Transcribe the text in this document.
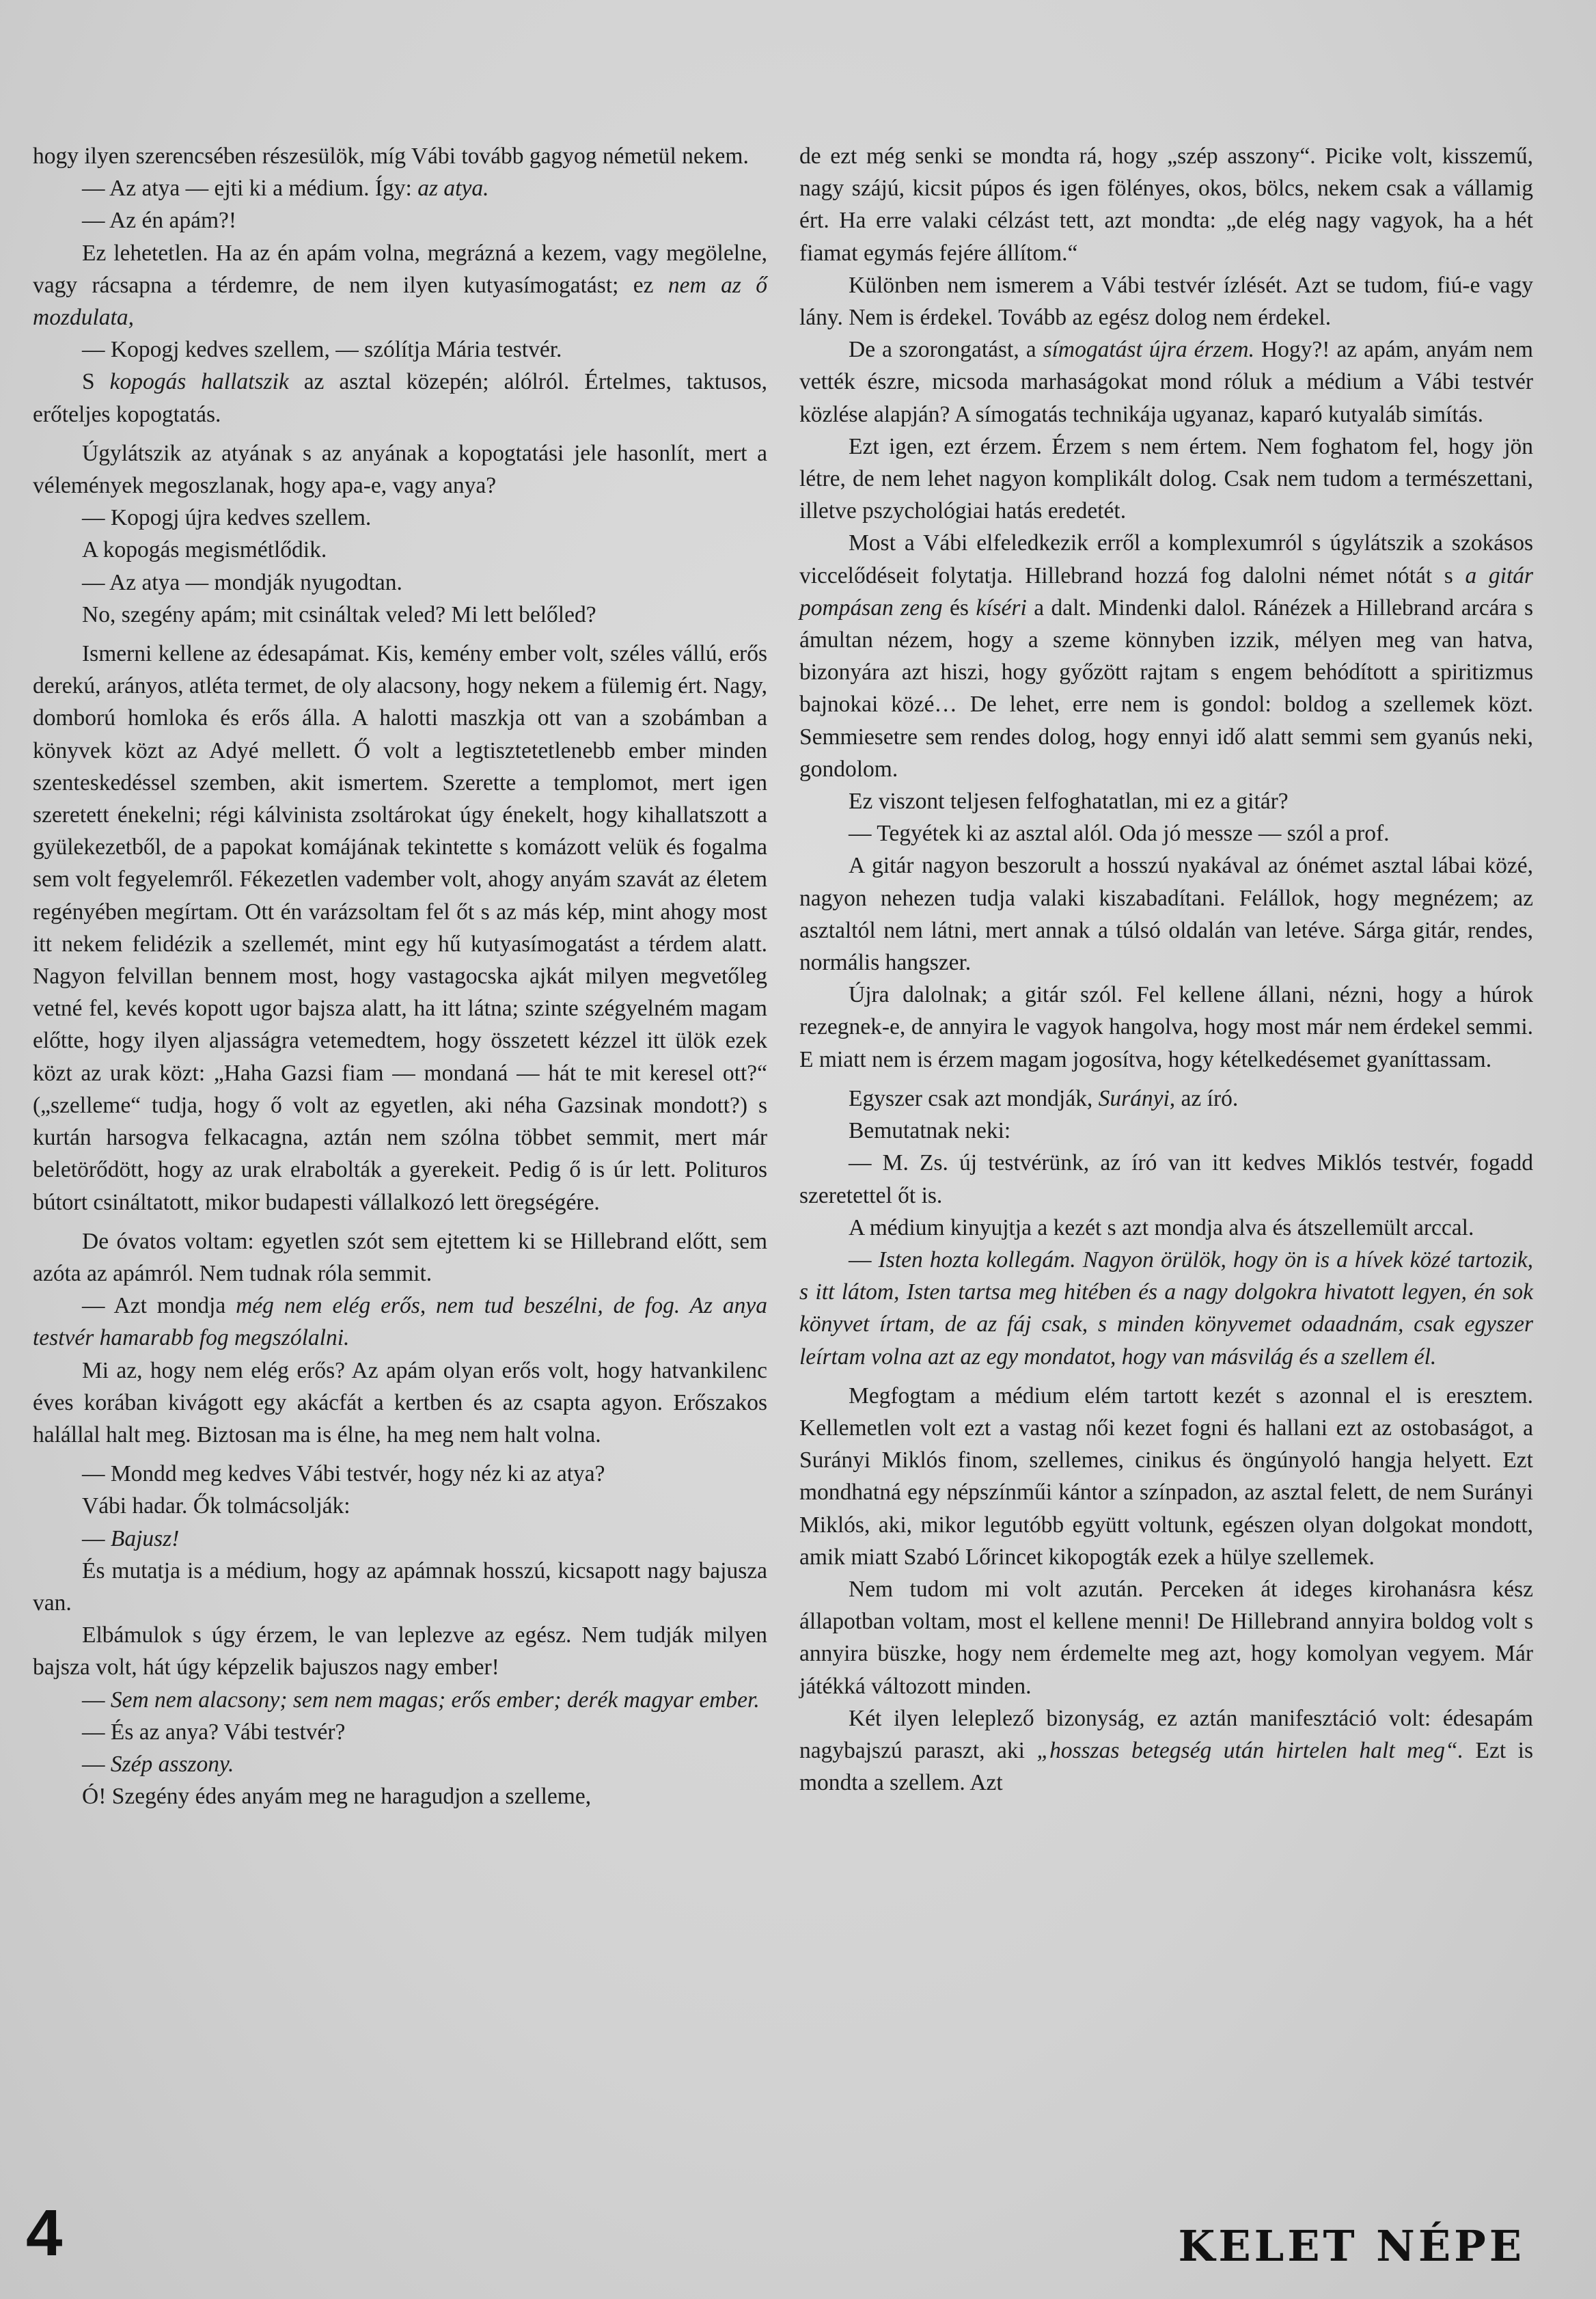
hogy ilyen szerencsében részesülök, míg Vábi tovább gagyog németül nekem.

— Az atya — ejti ki a médium. Így: az atya.

— Az én apám?!

Ez lehetetlen. Ha az én apám volna, megrázná a kezem, vagy megölelne, vagy rácsapna a térdemre, de nem ilyen kutyasímogatást; ez nem az ő mozdulata,

— Kopogj kedves szellem, — szólítja Mária testvér.

S kopogás hallatszik az asztal közepén; alólról. Értelmes, taktusos, erőteljes kopogtatás.

Úgylátszik az atyának s az anyának a kopogtatási jele hasonlít, mert a vélemények megoszlanak, hogy apa-e, vagy anya?

— Kopogj újra kedves szellem.

A kopogás megismétlődik.

— Az atya — mondják nyugodtan.

No, szegény apám; mit csináltak veled? Mi lett belőled?

Ismerni kellene az édesapámat. Kis, kemény ember volt, széles vállú, erős derekú, arányos, atléta termet, de oly alacsony, hogy nekem a fülemig ért. Nagy, domború homloka és erős álla. A halotti maszkja ott van a szobámban a könyvek közt az Adyé mellett. Ő volt a legtisztetetlenebb ember minden szenteskedéssel szemben, akit ismertem. Szerette a templomot, mert igen szeretett énekelni; régi kálvinista zsoltárokat úgy énekelt, hogy kihallatszott a gyülekezetből, de a papokat komájának tekintette s komázott velük és fogalma sem volt fegyelemről. Fékezetlen vadember volt, ahogy anyám szavát az életem regényében megírtam. Ott én varázsoltam fel őt s az más kép, mint ahogy most itt nekem felidézik a szellemét, mint egy hű kutyasímogatást a térdem alatt. Nagyon felvillan bennem most, hogy vastagocska ajkát milyen megvetőleg vetné fel, kevés kopott ugor bajsza alatt, ha itt látna; szinte szégyelném magam előtte, hogy ilyen aljasságra vetemedtem, hogy összetett kézzel itt ülök ezek közt az urak közt: „Haha Gazsi fiam — mondaná — hát te mit keresel ott?“ („szelleme“ tudja, hogy ő volt az egyetlen, aki néha Gazsinak mondott?) s kurtán harsogva felkacagna, aztán nem szólna többet semmit, mert már beletörődött, hogy az urak elrabolták a gyerekeit. Pedig ő is úr lett. Polituros bútort csináltatott, mikor budapesti vállalkozó lett öregségére.

De óvatos voltam: egyetlen szót sem ejtettem ki se Hillebrand előtt, sem azóta az apámról. Nem tudnak róla semmit.

— Azt mondja még nem elég erős, nem tud beszélni, de fog. Az anya testvér hamarabb fog megszólalni.

Mi az, hogy nem elég erős? Az apám olyan erős volt, hogy hatvankilenc éves korában kivágott egy akácfát a kertben és az csapta agyon. Erőszakos halállal halt meg. Biztosan ma is élne, ha meg nem halt volna.

— Mondd meg kedves Vábi testvér, hogy néz ki az atya?

Vábi hadar. Ők tolmácsolják:

— Bajusz!

És mutatja is a médium, hogy az apámnak hosszú, kicsapott nagy bajusza van.

Elbámulok s úgy érzem, le van leplezve az egész. Nem tudják milyen bajsza volt, hát úgy képzelik bajuszos nagy ember!

— Sem nem alacsony; sem nem magas; erős ember; derék magyar ember.

— És az anya? Vábi testvér?

— Szép asszony.

Ó! Szegény édes anyám meg ne haragudjon a szelleme,

de ezt még senki se mondta rá, hogy „szép asszony“. Picike volt, kisszemű, nagy szájú, kicsit púpos és igen fölényes, okos, bölcs, nekem csak a vállamig ért. Ha erre valaki célzást tett, azt mondta: „de elég nagy vagyok, ha a hét fiamat egymás fejére állítom.“

Különben nem ismerem a Vábi testvér ízlését. Azt se tudom, fiú-e vagy lány. Nem is érdekel. Tovább az egész dolog nem érdekel.

De a szorongatást, a símogatást újra érzem. Hogy?! az apám, anyám nem vették észre, micsoda marhaságokat mond róluk a médium a Vábi testvér közlése alapján? A símogatás technikája ugyanaz, kaparó kutyaláb simítás.

Ezt igen, ezt érzem. Érzem s nem értem. Nem foghatom fel, hogy jön létre, de nem lehet nagyon komplikált dolog. Csak nem tudom a természettani, illetve pszychológiai hatás eredetét.

Most a Vábi elfeledkezik erről a komplexumról s úgylátszik a szokásos viccelődéseit folytatja. Hillebrand hozzá fog dalolni német nótát s a gitár pompásan zeng és kíséri a dalt. Mindenki dalol. Ránézek a Hillebrand arcára s ámultan nézem, hogy a szeme könnyben izzik, mélyen meg van hatva, bizonyára azt hiszi, hogy győzött rajtam s engem behódított a spiritizmus bajnokai közé… De lehet, erre nem is gondol: boldog a szellemek közt. Semmiesetre sem rendes dolog, hogy ennyi idő alatt semmi sem gyanús neki, gondolom.

Ez viszont teljesen felfoghatatlan, mi ez a gitár?

— Tegyétek ki az asztal alól. Oda jó messze — szól a prof.

A gitár nagyon beszorult a hosszú nyakával az ónémet asztal lábai közé, nagyon nehezen tudja valaki kiszabadítani. Felállok, hogy megnézem; az asztaltól nem látni, mert annak a túlsó oldalán van letéve. Sárga gitár, rendes, normális hangszer.

Újra dalolnak; a gitár szól. Fel kellene állani, nézni, hogy a húrok rezegnek-e, de annyira le vagyok hangolva, hogy most már nem érdekel semmi. E miatt nem is érzem magam jogosítva, hogy kételkedésemet gyaníttassam.

Egyszer csak azt mondják, Surányi, az író.

Bemutatnak neki:

— M. Zs. új testvérünk, az író van itt kedves Miklós testvér, fogadd szeretettel őt is.

A médium kinyujtja a kezét s azt mondja alva és átszellemült arccal.

— Isten hozta kollegám. Nagyon örülök, hogy ön is a hívek közé tartozik, s itt látom, Isten tartsa meg hitében és a nagy dolgokra hivatott legyen, én sok könyvet írtam, de az fáj csak, s minden könyvemet odaadnám, csak egyszer leírtam volna azt az egy mondatot, hogy van másvilág és a szellem él.

Megfogtam a médium elém tartott kezét s azonnal el is eresztem. Kellemetlen volt ezt a vastag női kezet fogni és hallani ezt az ostobaságot, a Surányi Miklós finom, szellemes, cinikus és öngúnyoló hangja helyett. Ezt mondhatná egy népszínműi kántor a színpadon, az asztal felett, de nem Surányi Miklós, aki, mikor legutóbb együtt voltunk, egészen olyan dolgokat mondott, amik miatt Szabó Lőrincet kikopogták ezek a hülye szellemek.

Nem tudom mi volt azután. Perceken át ideges kirohanásra kész állapotban voltam, most el kellene menni! De Hillebrand annyira boldog volt s annyira büszke, hogy nem érdemelte meg azt, hogy komolyan vegyem. Már játékká változott minden.

Két ilyen leleplező bizonyság, ez aztán manifesztáció volt: édesapám nagybajszú paraszt, aki „hosszas betegség után hirtelen halt meg“. Ezt is mondta a szellem. Azt

4	KELET NÉPE
